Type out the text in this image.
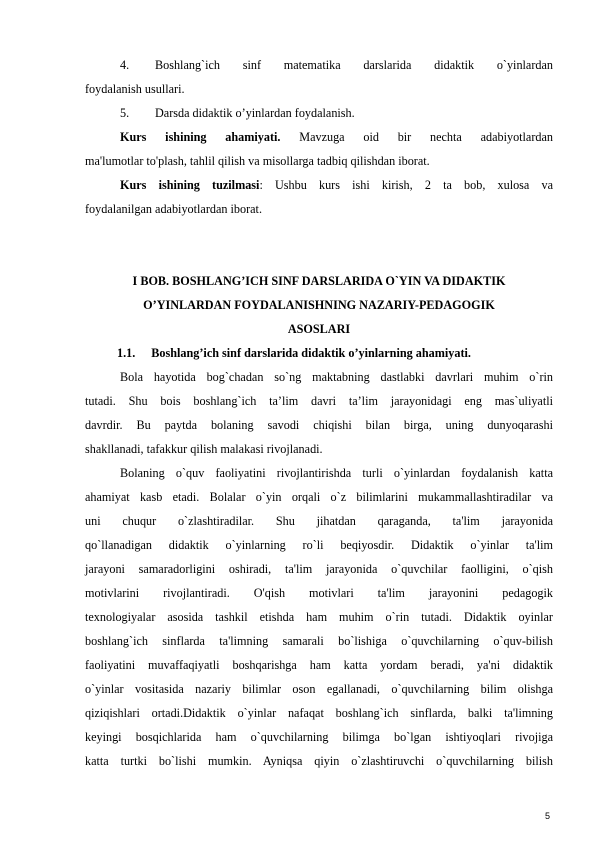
4. Boshlang`ich sinf matematika darslarida didaktik o`yinlardan
foydalanish usullari.
5. Darsda didaktik o’yinlardan foydalanish.
Kurs ishining ahamiyati. Mavzuga oid bir nechta adabiyotlardan
ma'lumotlar to'plash, tahlil qilish va misollarga tadbiq qilishdan iborat.
Kurs ishining tuzilmasi: Ushbu kurs ishi kirish, 2 ta bob, xulosa va
foydalanilgan adabiyotlardan iborat.
I BOB. BOSHLANG’ICH SINF DARSLARIDA O`YIN VA DIDAKTIK
O’YINLARDAN FOYDALANISHNING NAZARIY-PEDAGOGIK
ASOSLARI
1.1. Boshlang’ich sinf darslarida didaktik o’yinlarning ahamiyati.
Bola hayotida bog`chadan so`ng maktabning dastlabki davrlari muhim o`rin
tutadi. Shu bois boshlang`ich ta’lim davri ta’lim jarayonidagi eng mas`uliyatli
davrdir. Bu paytda bolaning savodi chiqishi bilan birga, uning dunyoqarashi
shakllanadi, tafakkur qilish malakasi rivojlanadi.
Bolaning o`quv faoliyatini rivojlantirishda turli o`yinlardan foydalanish katta
ahamiyat kasb etadi. Bolalar o`yin orqali o`z bilimlarini mukammallashtiradilar va
uni chuqur o`zlashtiradilar. Shu jihatdan qaraganda, ta'lim jarayonida
qo`llanadigan didaktik o`yinlarning ro`li beqiyosdir. Didaktik o`yinlar ta'lim
jarayoni samaradorligini oshiradi, ta'lim jarayonida o`quvchilar faolligini, o`qish
motivlarini rivojlantiradi. O'qish motivlari ta'lim jarayonini pedagogik
texnologiyalar asosida tashkil etishda ham muhim o`rin tutadi. Didaktik oyinlar
boshlang`ich sinflarda ta'limning samarali bo`lishiga o`quvchilarning o`quv-bilish
faoliyatini muvaffaqiyatli boshqarishga ham katta yordam beradi, ya'ni didaktik
o`yinlar vositasida nazariy bilimlar oson egallanadi, o`quvchilarning bilim olishga
qiziqishlari ortadi.Didaktik o`yinlar nafaqat boshlang`ich sinflarda, balki ta'limning
keyingi bosqichlarida ham o`quvchilarning bilimga bo`lgan ishtiyoqlari rivojiga
katta turtki bo`lishi mumkin. Ayniqsa qiyin o`zlashtiruvchi o`quvchilarning bilish
5
